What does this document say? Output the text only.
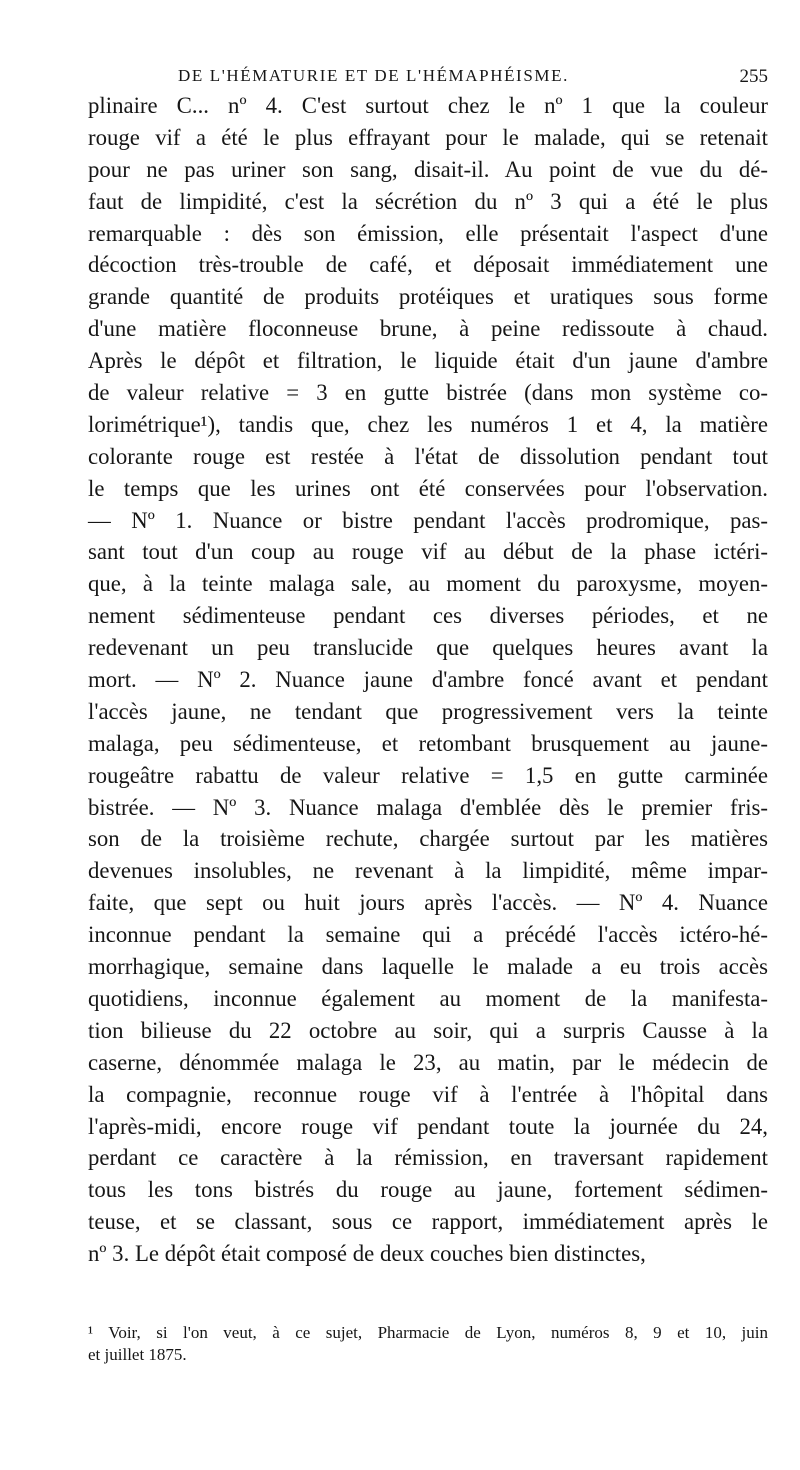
DE L'HÉMATURIE ET DE L'HÉMAPHÉISME.	255
plinaire C... nº 4. C'est surtout chez le nº 1 que la couleur
rouge vif a été le plus effrayant pour le malade, qui se retenait
pour ne pas uriner son sang, disait-il. Au point de vue du dé-
faut de limpidité, c'est la sécrétion du nº 3 qui a été le plus
remarquable : dès son émission, elle présentait l'aspect d'une
décoction très-trouble de café, et déposait immédiatement une
grande quantité de produits protéiques et uratiques sous forme
d'une matière floconneuse brune, à peine redissoute à chaud.
Après le dépôt et filtration, le liquide était d'un jaune d'ambre
de valeur relative = 3 en gutte bistrée (dans mon système co-
lorimétrique¹), tandis que, chez les numéros 1 et 4, la matière
colorante rouge est restée à l'état de dissolution pendant tout
le temps que les urines ont été conservées pour l'observation.
— Nº 1. Nuance or bistre pendant l'accès prodromique, pas-
sant tout d'un coup au rouge vif au début de la phase ictéri-
que, à la teinte malaga sale, au moment du paroxysme, moyen-
nement sédimenteuse pendant ces diverses périodes, et ne
redevenant un peu translucide que quelques heures avant la
mort. — Nº 2. Nuance jaune d'ambre foncé avant et pendant
l'accès jaune, ne tendant que progressivement vers la teinte
malaga, peu sédimenteuse, et retombant brusquement au jaune-
rougeâtre rabattu de valeur relative = 1,5 en gutte carminée
bistrée. — Nº 3. Nuance malaga d'emblée dès le premier fris-
son de la troisième rechute, chargée surtout par les matières
devenues insolubles, ne revenant à la limpidité, même impar-
faite, que sept ou huit jours après l'accès. — Nº 4. Nuance
inconnue pendant la semaine qui a précédé l'accès ictéro-hé-
morrhagique, semaine dans laquelle le malade a eu trois accès
quotidiens, inconnue également au moment de la manifesta-
tion bilieuse du 22 octobre au soir, qui a surpris Causse à la
caserne, dénommée malaga le 23, au matin, par le médecin de
la compagnie, reconnue rouge vif à l'entrée à l'hôpital dans
l'après-midi, encore rouge vif pendant toute la journée du 24,
perdant ce caractère à la rémission, en traversant rapidement
tous les tons bistrés du rouge au jaune, fortement sédimen-
teuse, et se classant, sous ce rapport, immédiatement après le
nº 3. Le dépôt était composé de deux couches bien distinctes,
¹ Voir, si l'on veut, à ce sujet, Pharmacie de Lyon, numéros 8, 9 et 10, juin
et juillet 1875.
